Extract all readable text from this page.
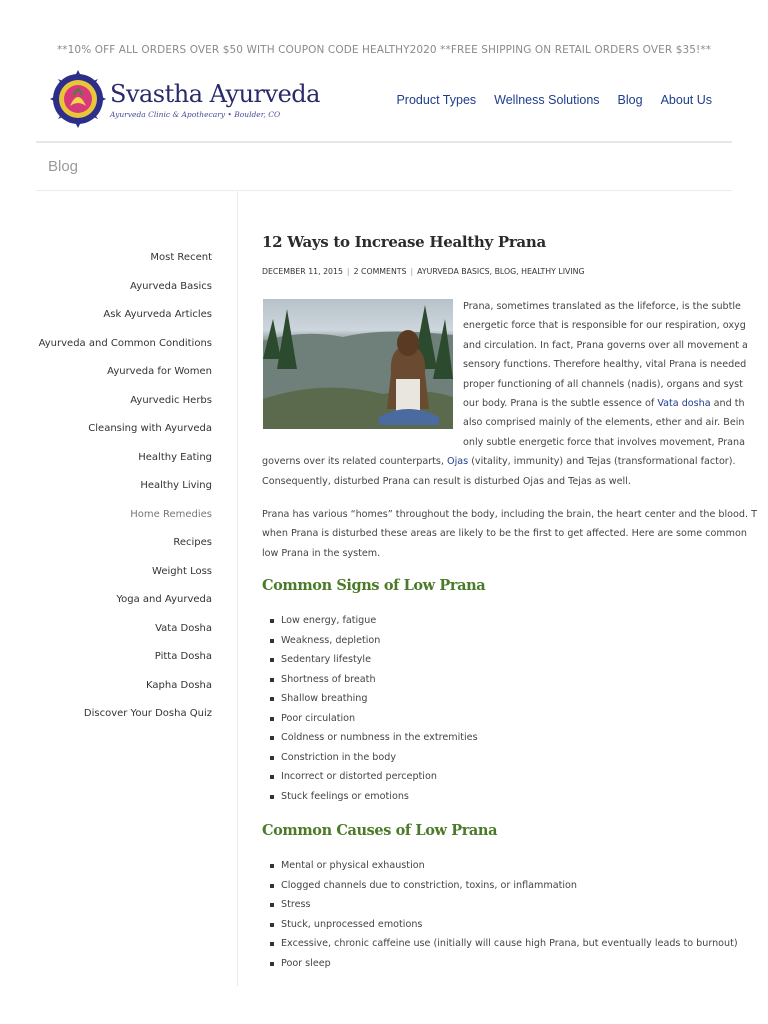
**10% OFF ALL ORDERS OVER $50 WITH COUPON CODE HEALTHY2020 **FREE SHIPPING ON RETAIL ORDERS OVER $35!**
Svastha Ayurveda
Ayurveda Clinic & Apothecary • Boulder, CO
Product Types Wellness Solutions Blog About Us
Blog
Most Recent
Ayurveda Basics
Ask Ayurveda Articles
Ayurveda and Common Conditions
Ayurveda for Women
Ayurvedic Herbs
Cleansing with Ayurveda
Healthy Eating
Healthy Living
Home Remedies
Recipes
Weight Loss
Yoga and Ayurveda
Vata Dosha
Pitta Dosha
Kapha Dosha
Discover Your Dosha Quiz
12 Ways to Increase Healthy Prana
DECEMBER 11, 2015 | 2 COMMENTS | AYURVEDA BASICS, BLOG, HEALTHY LIVING
Prana, sometimes translated as the lifeforce, is the subtle
energetic force that is responsible for our respiration, oxyg
and circulation. In fact, Prana governs over all movement a
sensory functions. Therefore healthy, vital Prana is needed
proper functioning of all channels (nadis), organs and syst
our body. Prana is the subtle essence of Vata dosha and th
also comprised mainly of the elements, ether and air. Bein
only subtle energetic force that involves movement, Prana
governs over its related counterparts, Ojas (vitality, immunity) and Tejas (transformational factor).
Consequently, disturbed Prana can result is disturbed Ojas and Tejas as well.
Prana has various “homes” throughout the body, including the brain, the heart center and the blood. T
when Prana is disturbed these areas are likely to be the first to get affected. Here are some common
low Prana in the system.
Common Signs of Low Prana
Low energy, fatigue
Weakness, depletion
Sedentary lifestyle
Shortness of breath
Shallow breathing
Poor circulation
Coldness or numbness in the extremities
Constriction in the body
Incorrect or distorted perception
Stuck feelings or emotions
Common Causes of Low Prana
Mental or physical exhaustion
Clogged channels due to constriction, toxins, or inflammation
Stress
Stuck, unprocessed emotions
Excessive, chronic caffeine use (initially will cause high Prana, but eventually leads to burnout)
Poor sleep
